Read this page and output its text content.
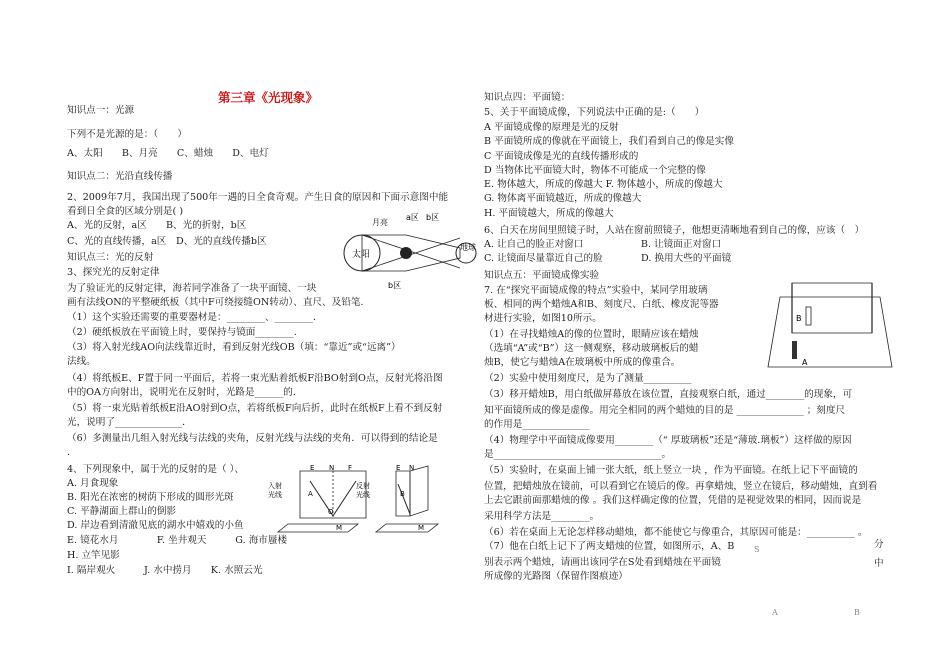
第三章《光现象》
知识点一：光源
下列不是光源的是：（　　）
A、太阳　　B、月亮　　C、蜡烛　　D、电灯
知识点二：光沿直线传播
2、2009年7月，我国出现了500年一遇的日全食奇观。产生日食的原因和下面示意图中能
看到日全食的区域分别是( )
A、光的反射，a区　　B、光的折射，b区
C、光的直线传播，a区　D、光的直线传播b区
知识点三：光的反射
3、探究光的反射定律
为了验证光的反射定律，海若同学准备了一块平面镜、一块
画有法线ON的平整硬纸板（其中F可绕接缝ON转动）、直尺、及铅笔.
（1）这个实验还需要的重要器材是：________、________．
（2）硬纸板放在平面镜上时，要保持与镜面________.
（3）将入射光线AO向法线靠近时，看到反射光线OB（填：“靠近”或“远离”）
法线。
（4）将纸板E、F置于同一平面后，若将一束光贴着纸板F沿BO射到O点，反射光将沿图
中的OA方向射出，说明光在反射时，光路是______的．
（5）将一束光贴着纸板E沿AO射到O点，若将纸板F向后折，此时在纸板F上看不到反射
光，说明了______________．
（6）多测量出几组入射光线与法线的夹角，反射光线与法线的夹角．可以得到的结论是
．
4、下列现象中，属于光的反射的是（ ）、
A. 月食现象
B. 阳光在浓密的树荫下形成的圆形光斑
C. 平静湖面上群山的倒影
D. 岸边看到清澈见底的湖水中嬉戏的小鱼
E. 镜花水月　　　　F. 坐井观天　　　G. 海市蜃楼
H. 立竿见影
I. 隔岸观火　　　J. 水中捞月　　K. 水照云光
知识点四：平面镜：
5、关于平面镜成像，下列说法中正确的是:（　　）
A 平面镜成像的原理是光的反射
B 平面镜所成的像就在平面镜上，我们看到自己的像是实像
C 平面镜成像是光的直线传播形成的
D 当物体比平面镜大时，物体不可能成一个完整的像
E. 物体越大，所成的像越大 F. 物体越小，所成的像越大
G. 物体离平面镜越近，所成的像越大
H. 平面镜越大，所成的像越大
6、白天在房间里照镜子时，人站在窗前照镜子，他想更清晰地看到自己的像，应该（　）
A. 让自己的脸正对窗口　　　　　　B. 让镜面正对窗口
C. 让镜面尽量靠近自己的脸　　　　D. 换用大些的平面镜
知识点五：平面镜成像实验
7. 在“探究平面镜成像的特点”实验中，某同学用玻璃
板、相同的两个蜡烛A和B、刻度尺、白纸、橡皮泥等器
材进行实验，如图10所示。
（1）在寻找蜡烛A的像的位置时，眼睛应该在蜡烛
（选填“A”或“B”）这一侧观察，移动玻璃板后的蜡
烛B，使它与蜡烛A在玻璃板中所成的像重合。
（2）实验中使用刻度尺，是为了测量__________
（3）移开蜡烛B，用白纸做屏幕放在该位置，直接观察白纸，通过________的现象，可
知平面镜所成的像是虚像。用完全相同的两个蜡烛的目的是 ______________ ；刻度尺
的作用是______________
（4）物理学中平面镜成像要用________（“ 厚玻璃板”还是“薄玻.璃板”）这样做的原因
是___________________________________。
（5）实验时，在桌面上铺一张大纸，纸上竖立一块 ，作为平面镜。在纸上记下平面镜的
位置，把蜡烛放在镜前，可以看到它在镜后的像。再拿蜡烛，竖立在镜后，移动蜡烛，直到看
上去它跟前面那蜡烛的像 。我们这样确定像的位置，凭借的是视觉效果的相同，因而说是
采用科学方法是________。
（6）若在桌面上无论怎样移动蜡烛，都不能使它与像重合，其原因可能是：__________ 。
（7）他在白纸上记下了两支蜡烛的位置，如图所示，A、B
别表示两个蜡烛，请画出该同学在S处看到蜡烛在平面镜
所成像的光路图（保留作图痕迹）
太阳
月亮
a区 b区
b区
地球
E N F
A
O
M
入射
光线
反射
光线
E N
B
M
B
A
S	分
中
A	B
